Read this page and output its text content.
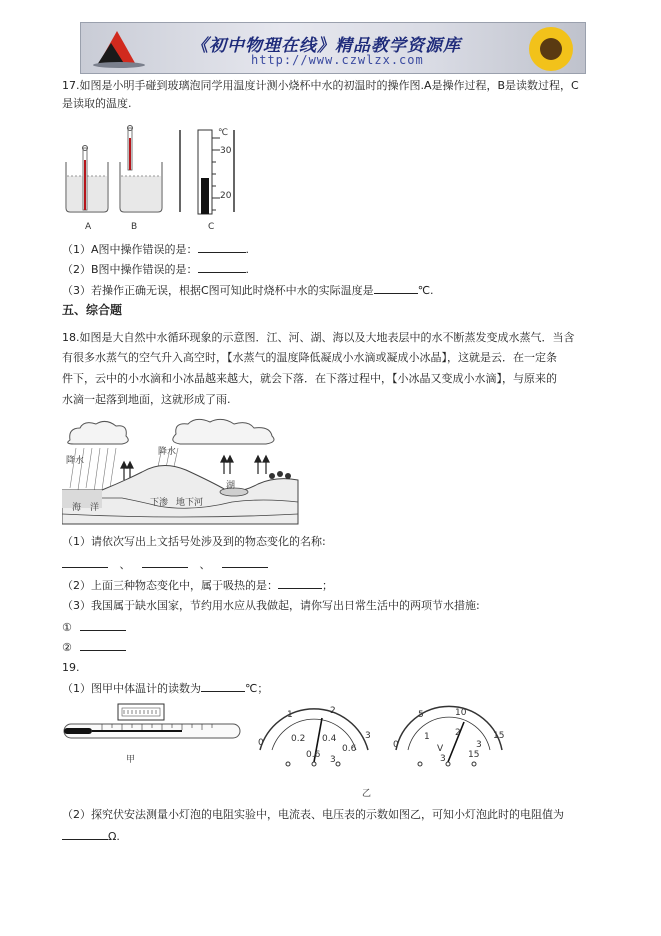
《初中物理在线》精品教学资源库
http://www.czwlzx.com
17.如图是小明手碰到玻璃泡同学用温度计测小烧杯中水的初温时的操作图.A是操作过程，B是读数过程，C
是读取的温度.
℃
30
20
A	B	C
（1）A图中操作错误的是：	.
（2）B图中操作错误的是：	.
（3）若操作正确无误，根据C图可知此时烧杯中水的实际温度是	℃.
五、综合题
18.如图是大自然中水循环现象的示意图．江、河、湖、海以及大地表层中的水不断蒸发变成水蒸气．当含
有很多水蒸气的空气升入高空时，【水蒸气的温度降低凝成小水滴或凝成小冰晶】，这就是云．在一定条
件下，云中的小水滴和小冰晶越来越大，就会下落．在下落过程中，【小冰晶又变成小水滴】，与原来的
水滴一起落到地面，这就形成了雨.
降水
降水
海　洋
湖
下渗 地下河
（1）请依次写出上文括号处涉及到的物态变化的名称:
、	、
（2）上面三种物态变化中，属于吸热的是：	；
（3）我国属于缺水国家，节约用水应从我做起，请你写出日常生活中的两项节水措施:
①
②
19.
（1）图甲中体温计的读数为	℃；
甲
0
1	2
3
0.2 0.4
0.6
0.6 3
0
5	10
15
1	2
3
V
3 15
乙
（2）探究伏安法测量小灯泡的电阻实验中，电流表、电压表的示数如图乙，可知小灯泡此时的电阻值为
Ω.
